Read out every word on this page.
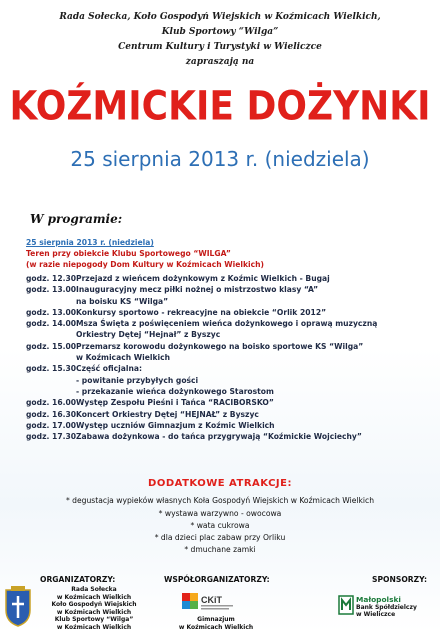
Rada Sołecka, Koło Gospodyń Wiejskich w Koźmicach Wielkich,
Klub Sportowy “Wilga”
Centrum Kultury i Turystyki w Wieliczce
zapraszają na
KOŹMICKIE DOŻYNKI
25 sierpnia 2013 r. (niedziela)
W programie:
25 sierpnia 2013 r. (niedziela)
Teren przy obiekcie Klubu Sportowego “WILGA”
(w razie niepogody Dom Kultury w Koźmicach Wielkich)
godz. 12.30 Przejazd z wieńcem dożynkowym z Koźmic Wielkich - Bugaj
godz. 13.00 Inauguracyjny mecz piłki nożnej o mistrzostwo klasy “A”
na boisku KS “Wilga”
godz. 13.00 Konkursy sportowo - rekreacyjne na obiekcie “Orlik 2012”
godz. 14.00 Msza Święta z poświęceniem wieńca dożynkowego i oprawą muzyczną
Orkiestry Dętej “Hejnał” z Byszyc
godz. 15.00 Przemarsz korowodu dożynkowego na boisko sportowe KS “Wilga”
w Koźmicach Wielkich
godz. 15.30 Część oficjalna:
- powitanie przybyłych gości
- przekazanie wieńca dożynkowego Starostom
godz. 16.00 Występ Zespołu Pieśni i Tańca “RACIBORSKO”
godz. 16.30 Koncert Orkiestry Dętej “HEJNAŁ” z Byszyc
godz. 17.00 Występ uczniów Gimnazjum z Koźmic Wielkich
godz. 17.30 Zabawa dożynkowa - do tańca przygrywają “Koźmickie Wojciechy”
DODATKOWE ATRAKCJE:
* degustacja wypieków własnych Koła Gospodyń Wiejskich w Koźmicach Wielkich
* wystawa warzywno - owocowa
* wata cukrowa
* dla dzieci plac zabaw przy Orliku
* dmuchane zamki
ORGANIZATORZY:
Rada Sołecka
w Koźmicach Wielkich
Koło Gospodyń Wiejskich
w Koźmicach Wielkich
Klub Sportowy “Wilga”
w Koźmicach Wielkich
WSPÓŁORGANIZATORZY:
CKiT
Gimnazjum
w Koźmicach Wielkich
SPONSORZY:
Małopolski
Bank Spółdzielczy
w Wieliczce
